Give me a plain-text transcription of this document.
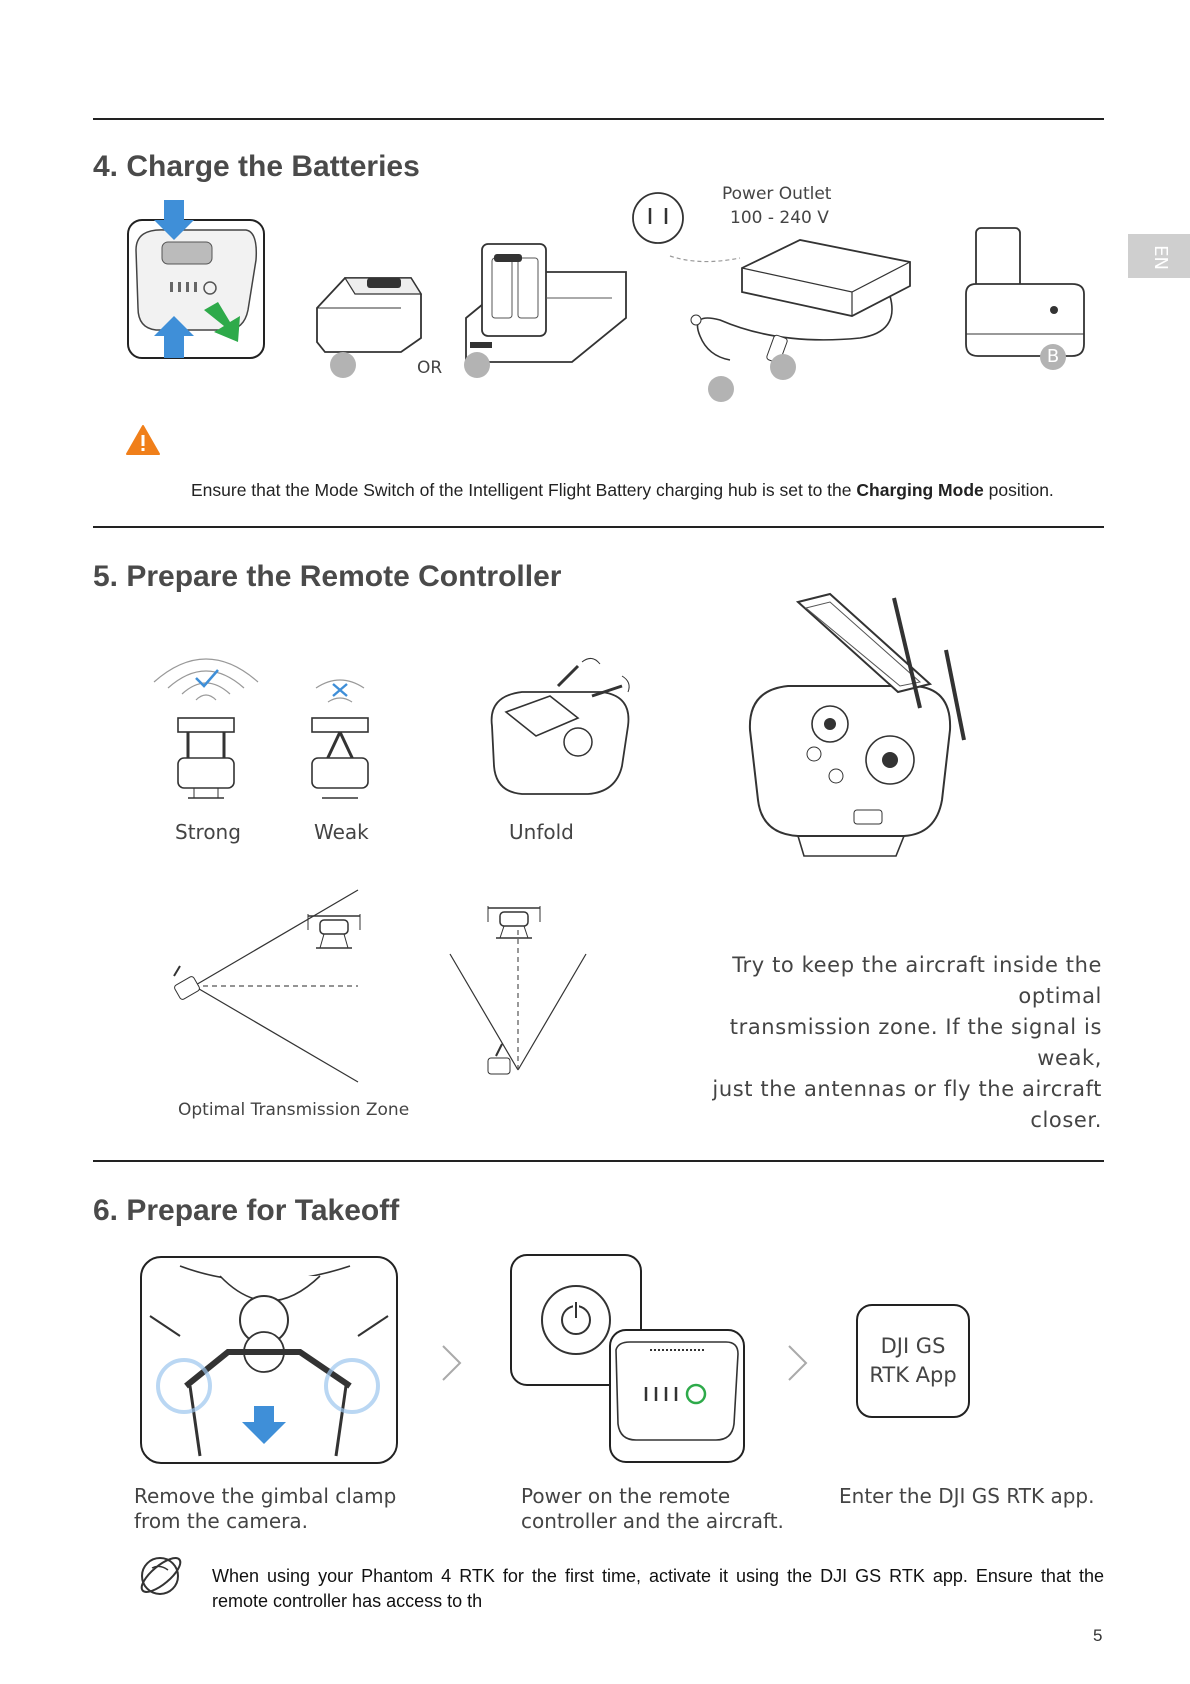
EN
4. Charge the Batteries
OR
Power Outlet
100 - 240 V
B
Ensure that the Mode Switch of the Intelligent Flight Battery charging hub is set to the Charging Mode position.
5. Prepare the Remote Controller
Strong	Weak	Unfold
Optimal Transmission Zone
Try to keep the aircraft inside the optimal
transmission zone. If the signal is weak,
just the antennas or fly the aircraft closer.
6. Prepare for Takeoff
DJI GS
RTK App
Remove the gimbal clamp
from the camera.
Power on the remote
controller and the aircraft.
Enter the DJI GS RTK app.
When using your Phantom 4 RTK for the first time, activate it using the DJI GS RTK app. Ensure that the
remote controller has access to th
5
